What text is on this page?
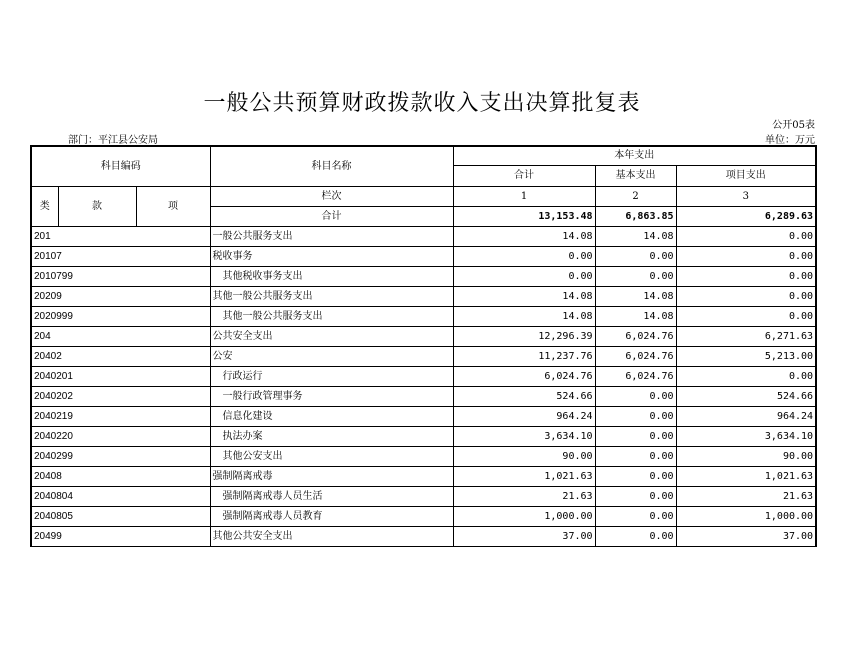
一般公共预算财政拨款收入支出决算批复表
公开05表
部门：平江县公安局	单位：万元
科目编码			科目名称	本年支出		
				合计	基本支出	项目支出
类	款	项	栏次	1	2	3
			合计	13,153.48	6,863.85	6,289.63
201			一般公共服务支出	14.08	14.08	0.00
20107			税收事务	0.00	0.00	0.00
2010799			其他税收事务支出	0.00	0.00	0.00
20209			其他一般公共服务支出	14.08	14.08	0.00
2020999			其他一般公共服务支出	14.08	14.08	0.00
204			公共安全支出	12,296.39	6,024.76	6,271.63
20402			公安	11,237.76	6,024.76	5,213.00
2040201			行政运行	6,024.76	6,024.76	0.00
2040202			一般行政管理事务	524.66	0.00	524.66
2040219			信息化建设	964.24	0.00	964.24
2040220			执法办案	3,634.10	0.00	3,634.10
2040299			其他公安支出	90.00	0.00	90.00
20408			强制隔离戒毒	1,021.63	0.00	1,021.63
2040804			强制隔离戒毒人员生活	21.63	0.00	21.63
2040805			强制隔离戒毒人员教育	1,000.00	0.00	1,000.00
20499			其他公共安全支出	37.00	0.00	37.00
